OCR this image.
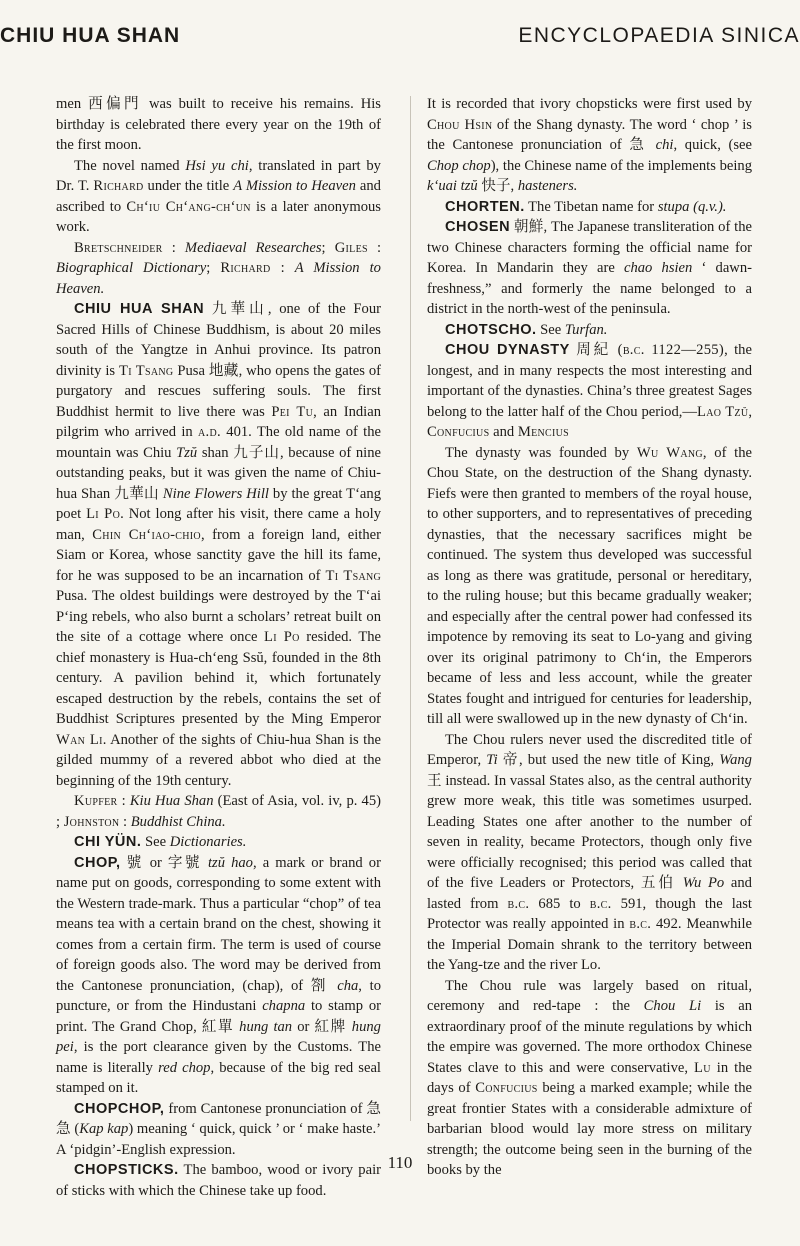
CHIU HUA SHAN	ENCYCLOPAEDIA SINICA

men 西偏門 was built to receive his remains. His birthday is celebrated there every year on the 19th of the first moon.

The novel named Hsi yu chi, translated in part by Dr. T. Richard under the title A Mission to Heaven and ascribed to Ch‘iu Ch‘ang-ch‘un is a later anonymous work.

Bretschneider : Mediaeval Researches; Giles : Biographical Dictionary; Richard : A Mission to Heaven.

CHIU HUA SHAN 九華山, one of the Four Sacred Hills of Chinese Buddhism, is about 20 miles south of the Yangtze in Anhui province. Its patron divinity is Ti Tsang Pusa 地藏, who opens the gates of purgatory and rescues suffering souls. The first Buddhist hermit to live there was Pei Tu, an Indian pilgrim who arrived in a.d. 401. The old name of the mountain was Chiu Tzŭ shan 九子山, because of nine outstanding peaks, but it was given the name of Chiu-hua Shan 九華山 Nine Flowers Hill by the great T‘ang poet Li Po. Not long after his visit, there came a holy man, Chin Ch‘iao-chio, from a foreign land, either Siam or Korea, whose sanctity gave the hill its fame, for he was supposed to be an incarnation of Ti Tsang Pusa. The oldest buildings were destroyed by the T‘ai P‘ing rebels, who also burnt a scholars’ retreat built on the site of a cottage where once Li Po resided. The chief monastery is Hua-ch‘eng Ssŭ, founded in the 8th century. A pavilion behind it, which fortunately escaped destruction by the rebels, contains the set of Buddhist Scriptures presented by the Ming Emperor Wan Li. Another of the sights of Chiu-hua Shan is the gilded mummy of a revered abbot who died at the beginning of the 19th century.

Kupfer : Kiu Hua Shan (East of Asia, vol. iv, p. 45) ; Johnston : Buddhist China.

CHI YÜN. See Dictionaries.

CHOP, 號 or 字號 tzŭ hao, a mark or brand or name put on goods, corresponding to some extent with the Western trade-mark. Thus a particular “chop” of tea means tea with a certain brand on the chest, showing it comes from a certain firm. The term is used of course of foreign goods also. The word may be derived from the Cantonese pronunciation, (chap), of 劄 cha, to puncture, or from the Hindustani chapna to stamp or print. The Grand Chop, 紅單 hung tan or 紅牌 hung pei, is the port clearance given by the Customs. The name is literally red chop, because of the big red seal stamped on it.

CHOPCHOP, from Cantonese pronunciation of 急急 (Kap kap) meaning ‘ quick, quick ’ or ‘ make haste.’ A ‘pidgin’-English expression.

CHOPSTICKS. The bamboo, wood or ivory pair of sticks with which the Chinese take up food.

It is recorded that ivory chopsticks were first used by Chou Hsin of the Shang dynasty. The word ‘ chop ’ is the Cantonese pronunciation of 急 chi, quick, (see Chop chop), the Chinese name of the implements being k‘uai tzŭ 快子, hasteners.

CHORTEN. The Tibetan name for stupa (q.v.).

CHOSEN 朝鮮, The Japanese transliteration of the two Chinese characters forming the official name for Korea. In Mandarin they are chao hsien ‘ dawn-freshness,” and formerly the name belonged to a district in the north-west of the peninsula.

CHOTSCHO. See Turfan.

CHOU DYNASTY 周紀 (b.c. 1122—255), the longest, and in many respects the most interesting and important of the dynasties. China’s three greatest Sages belong to the latter half of the Chou period,—Lao Tzŭ, Confucius and Mencius

The dynasty was founded by Wu Wang, of the Chou State, on the destruction of the Shang dynasty. Fiefs were then granted to members of the royal house, to other supporters, and to representatives of preceding dynasties, that the necessary sacrifices might be continued. The system thus developed was successful as long as there was gratitude, personal or hereditary, to the ruling house; but this became gradually weaker; and especially after the central power had confessed its impotence by removing its seat to Lo-yang and giving over its original patrimony to Ch‘in, the Emperors became of less and less account, while the greater States fought and intrigued for centuries for leadership, till all were swallowed up in the new dynasty of Ch‘in.

The Chou rulers never used the discredited title of Emperor, Ti 帝, but used the new title of King, Wang 王 instead. In vassal States also, as the central authority grew more weak, this title was sometimes usurped. Leading States one after another to the number of seven in reality, became Protectors, though only five were officially recognised; this period was called that of the five Leaders or Protectors, 五伯 Wu Po and lasted from b.c. 685 to b.c. 591, though the last Protector was really appointed in b.c. 492. Meanwhile the Imperial Domain shrank to the territory between the Yang-tze and the river Lo.

The Chou rule was largely based on ritual, ceremony and red-tape : the Chou Li is an extraordinary proof of the minute regulations by which the empire was governed. The more orthodox Chinese States clave to this and were conservative, Lu in the days of Confucius being a marked example; while the great frontier States with a considerable admixture of barbarian blood would lay more stress on military strength; the outcome being seen in the burning of the books by the

110
